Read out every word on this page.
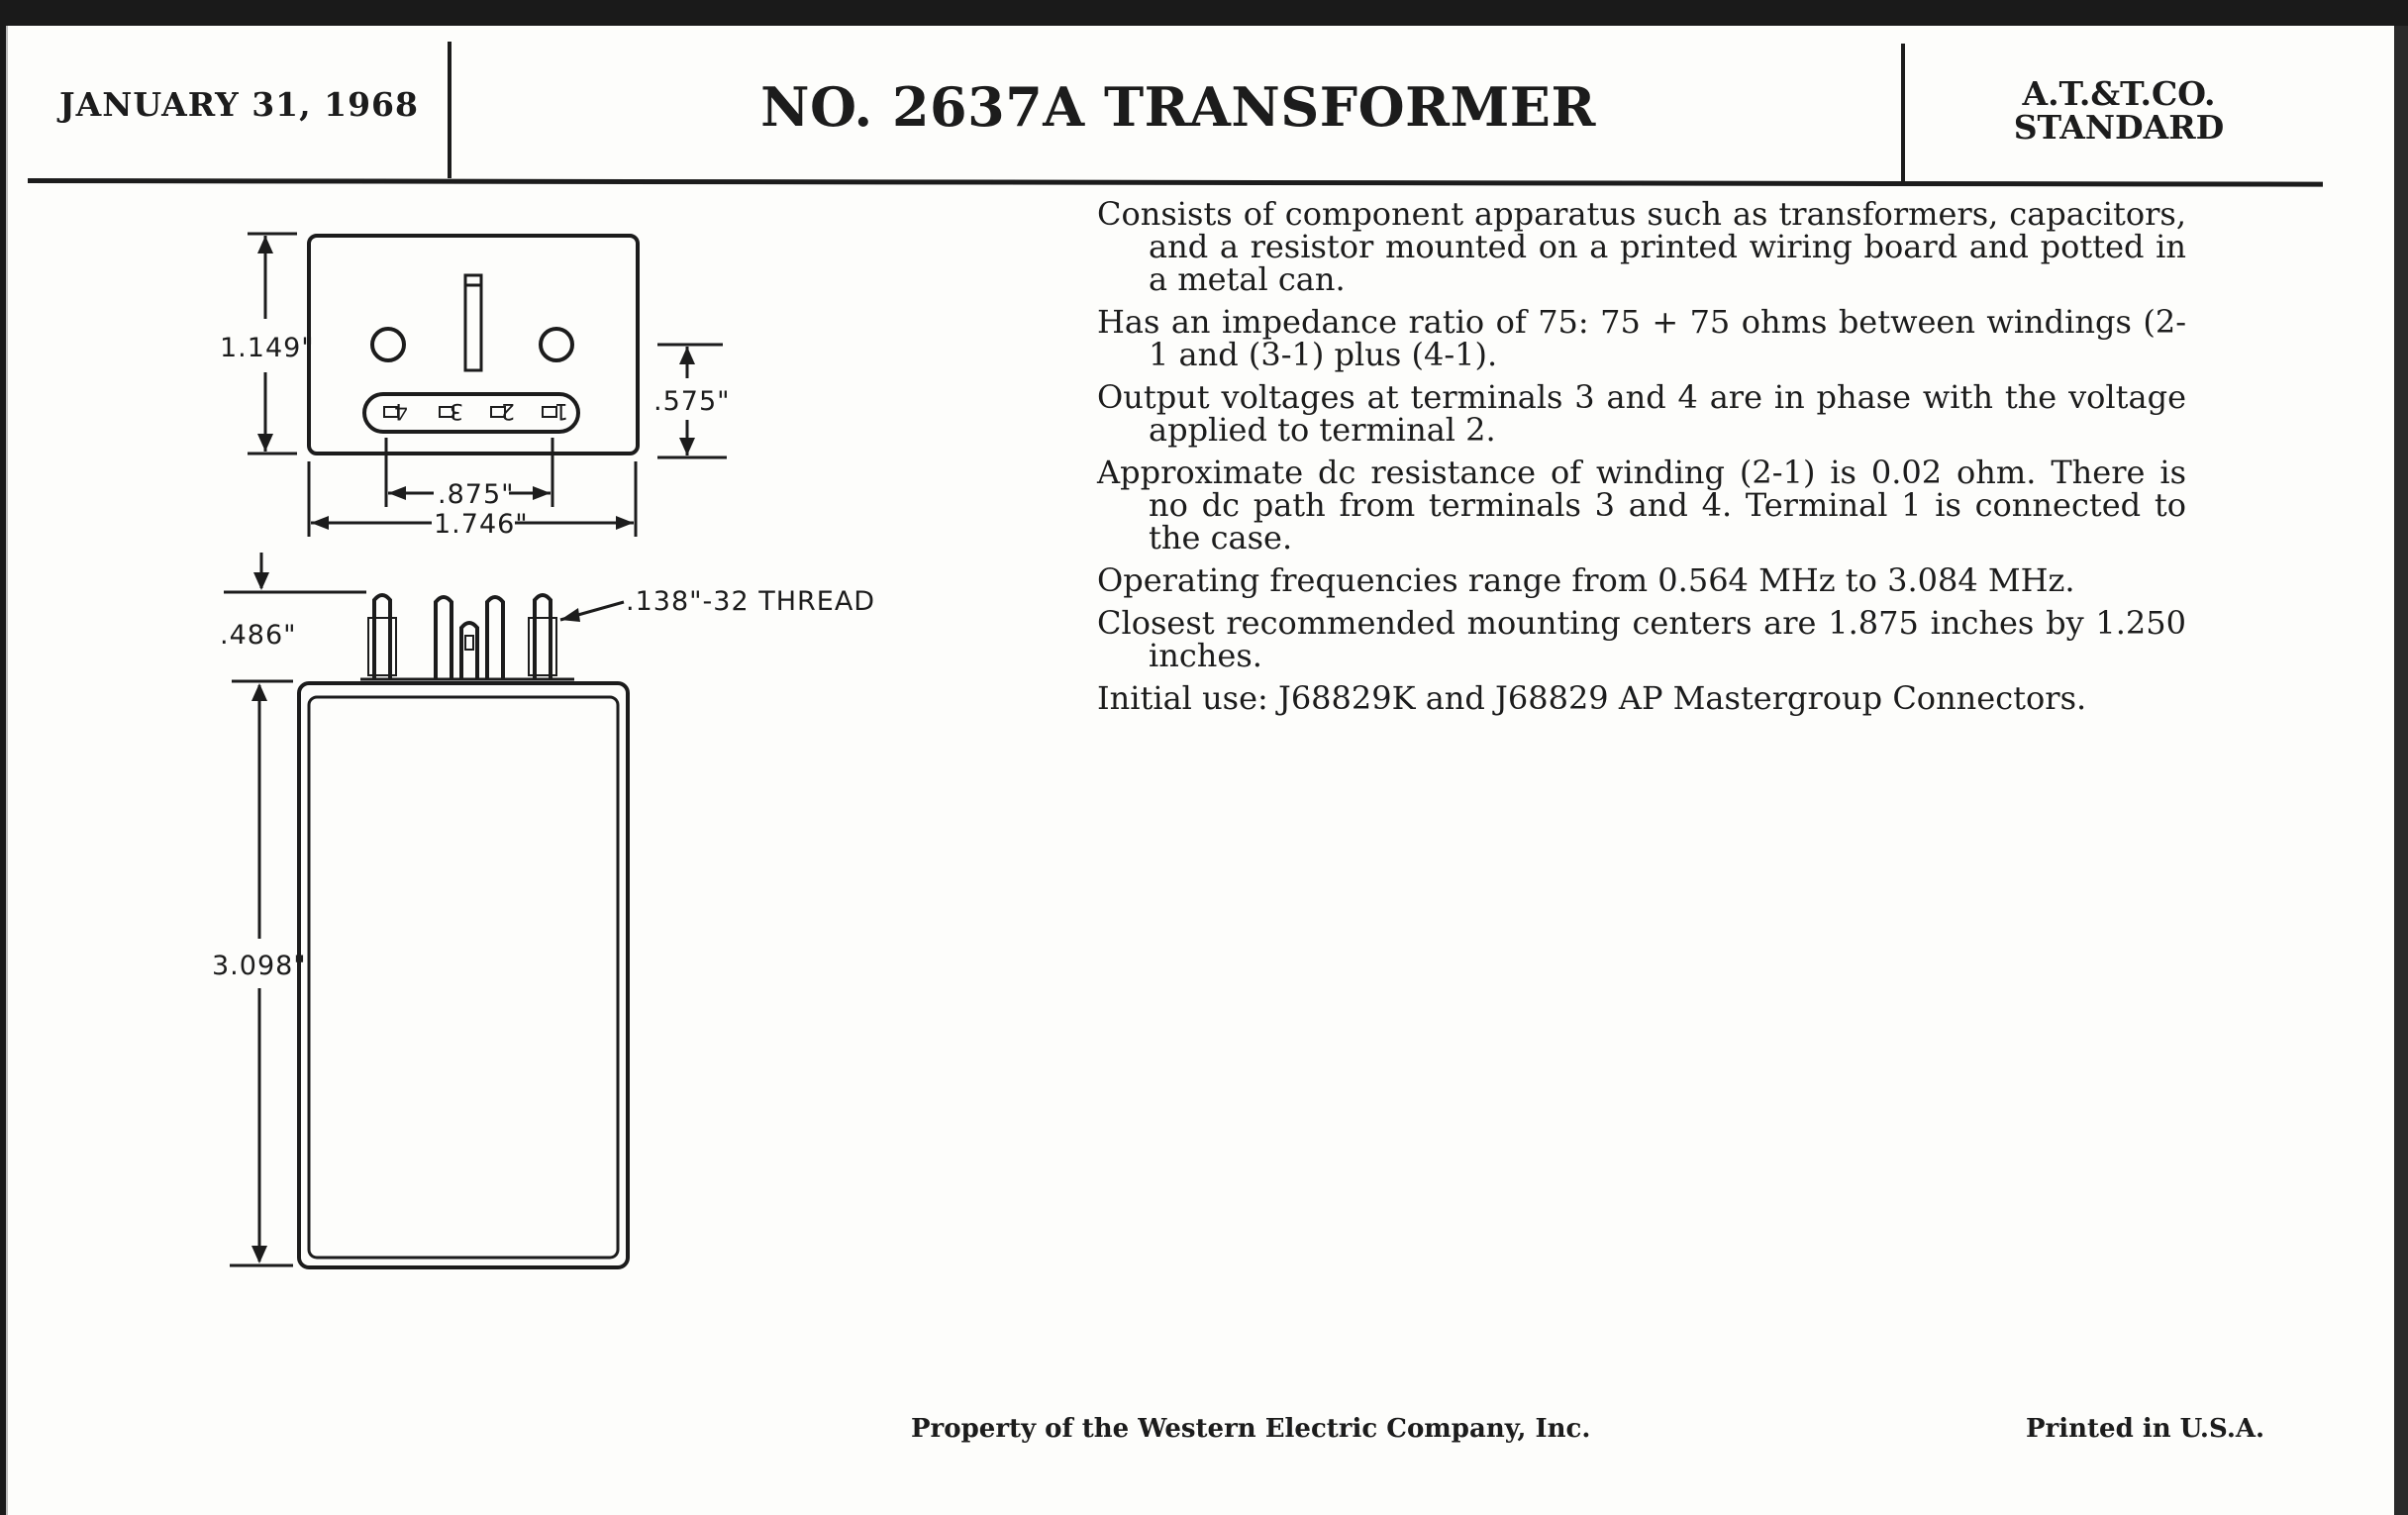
JANUARY 31, 1968	NO. 2637A TRANSFORMER	A.T.&T.CO.
STANDARD

Consists of component apparatus such as transformers, capacitors, and a resistor mounted on a printed wiring board and potted in a metal can.

Has an impedance ratio of 75: 75 + 75 ohms between windings (2-1 and (3-1) plus (4-1).

Output voltages at terminals 3 and 4 are in phase with the voltage applied to terminal 2.

Approximate dc resistance of winding (2-1) is 0.02 ohm. There is no dc path from terminals 3 and 4. Terminal 1 is connected to the case.

Operating frequencies range from 0.564 MHz to 3.084 MHz.

Closest recommended mounting centers are 1.875 inches by 1.250 inches.

Initial use: J68829K and J68829 AP Mastergroup Connectors.

1.149"
.575"
.875"
1.746"
.486"
3.098"
.138"-32 THREAD
4 3 2 1
Property of the Western Electric Company, Inc.	Printed in U.S.A.
